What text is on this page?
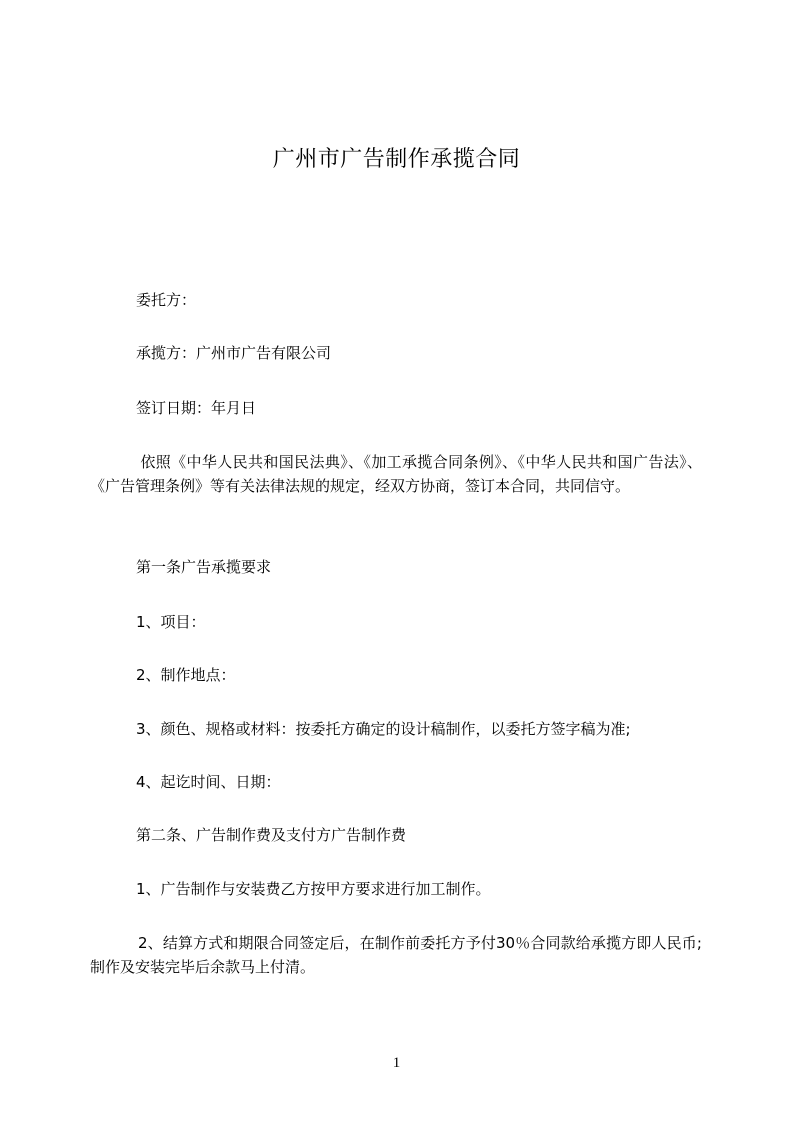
广州市广告制作承揽合同
委托方：
承揽方：广州市广告有限公司
签订日期：年月日
依照《中华人民共和国民法典》、《加工承揽合同条例》、《中华人民共和国广告法》、《广告管理条例》等有关法律法规的规定，经双方协商，签订本合同，共同信守。
第一条广告承揽要求
1、项目：
2、制作地点：
3、颜色、规格或材料：按委托方确定的设计稿制作，以委托方签字稿为准;
4、起讫时间、日期：
第二条、广告制作费及支付方广告制作费
1、广告制作与安装费乙方按甲方要求进行加工制作。
2、结算方式和期限合同签定后，在制作前委托方予付30％合同款给承揽方即人民币;制作及安装完毕后余款马上付清。
1
